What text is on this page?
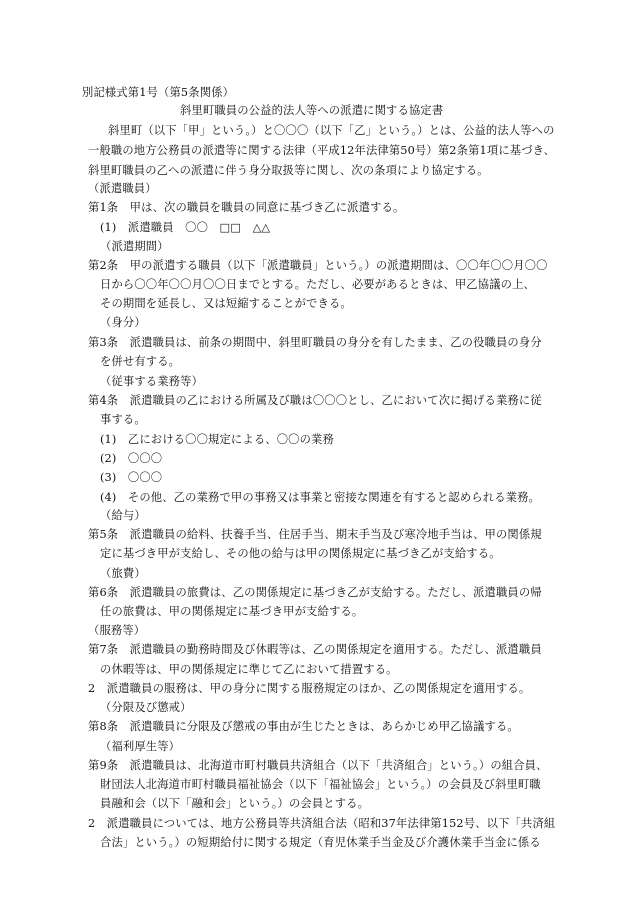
別記様式第1号（第5条関係）
斜里町職員の公益的法人等への派遣に関する協定書
斜里町（以下「甲」という。）と〇〇〇（以下「乙」という。）とは、公益的法人等への
一般職の地方公務員の派遣等に関する法律（平成12年法律第50号）第2条第1項に基づき、
斜里町職員の乙への派遣に伴う身分取扱等に関し、次の条項により協定する。
（派遣職員）
第1条　甲は、次の職員を職員の同意に基づき乙に派遣する。
(1)　派遣職員　〇〇　□□　△△
（派遣期間）
第2条　甲の派遣する職員（以下「派遣職員」という。）の派遣期間は、〇〇年〇〇月〇〇
日から〇〇年〇〇月〇〇日までとする。ただし、必要があるときは、甲乙協議の上、
その期間を延長し、又は短縮することができる。
（身分）
第3条　派遣職員は、前条の期間中、斜里町職員の身分を有したまま、乙の役職員の身分
を併せ有する。
（従事する業務等）
第4条　派遣職員の乙における所属及び職は〇〇〇とし、乙において次に掲げる業務に従
事する。
(1)　乙における〇〇規定による、〇〇の業務
(2)　〇〇〇
(3)　〇〇〇
(4)　その他、乙の業務で甲の事務又は事業と密接な関連を有すると認められる業務。
（給与）
第5条　派遣職員の給料、扶養手当、住居手当、期末手当及び寒冷地手当は、甲の関係規
定に基づき甲が支給し、その他の給与は甲の関係規定に基づき乙が支給する。
（旅費）
第6条　派遣職員の旅費は、乙の関係規定に基づき乙が支給する。ただし、派遣職員の帰
任の旅費は、甲の関係規定に基づき甲が支給する。
（服務等）
第7条　派遣職員の勤務時間及び休暇等は、乙の関係規定を適用する。ただし、派遣職員
の休暇等は、甲の関係規定に準じて乙において措置する。
2　派遣職員の服務は、甲の身分に関する服務規定のほか、乙の関係規定を適用する。
（分限及び懲戒）
第8条　派遣職員に分限及び懲戒の事由が生じたときは、あらかじめ甲乙協議する。
（福利厚生等）
第9条　派遣職員は、北海道市町村職員共済組合（以下「共済組合」という。）の組合員、
財団法人北海道市町村職員福祉協会（以下「福祉協会」という。）の会員及び斜里町職
員融和会（以下「融和会」という。）の会員とする。
2　派遣職員については、地方公務員等共済組合法（昭和37年法律第152号、以下「共済組
合法」という。）の短期給付に関する規定（育児休業手当金及び介護休業手当金に係る
